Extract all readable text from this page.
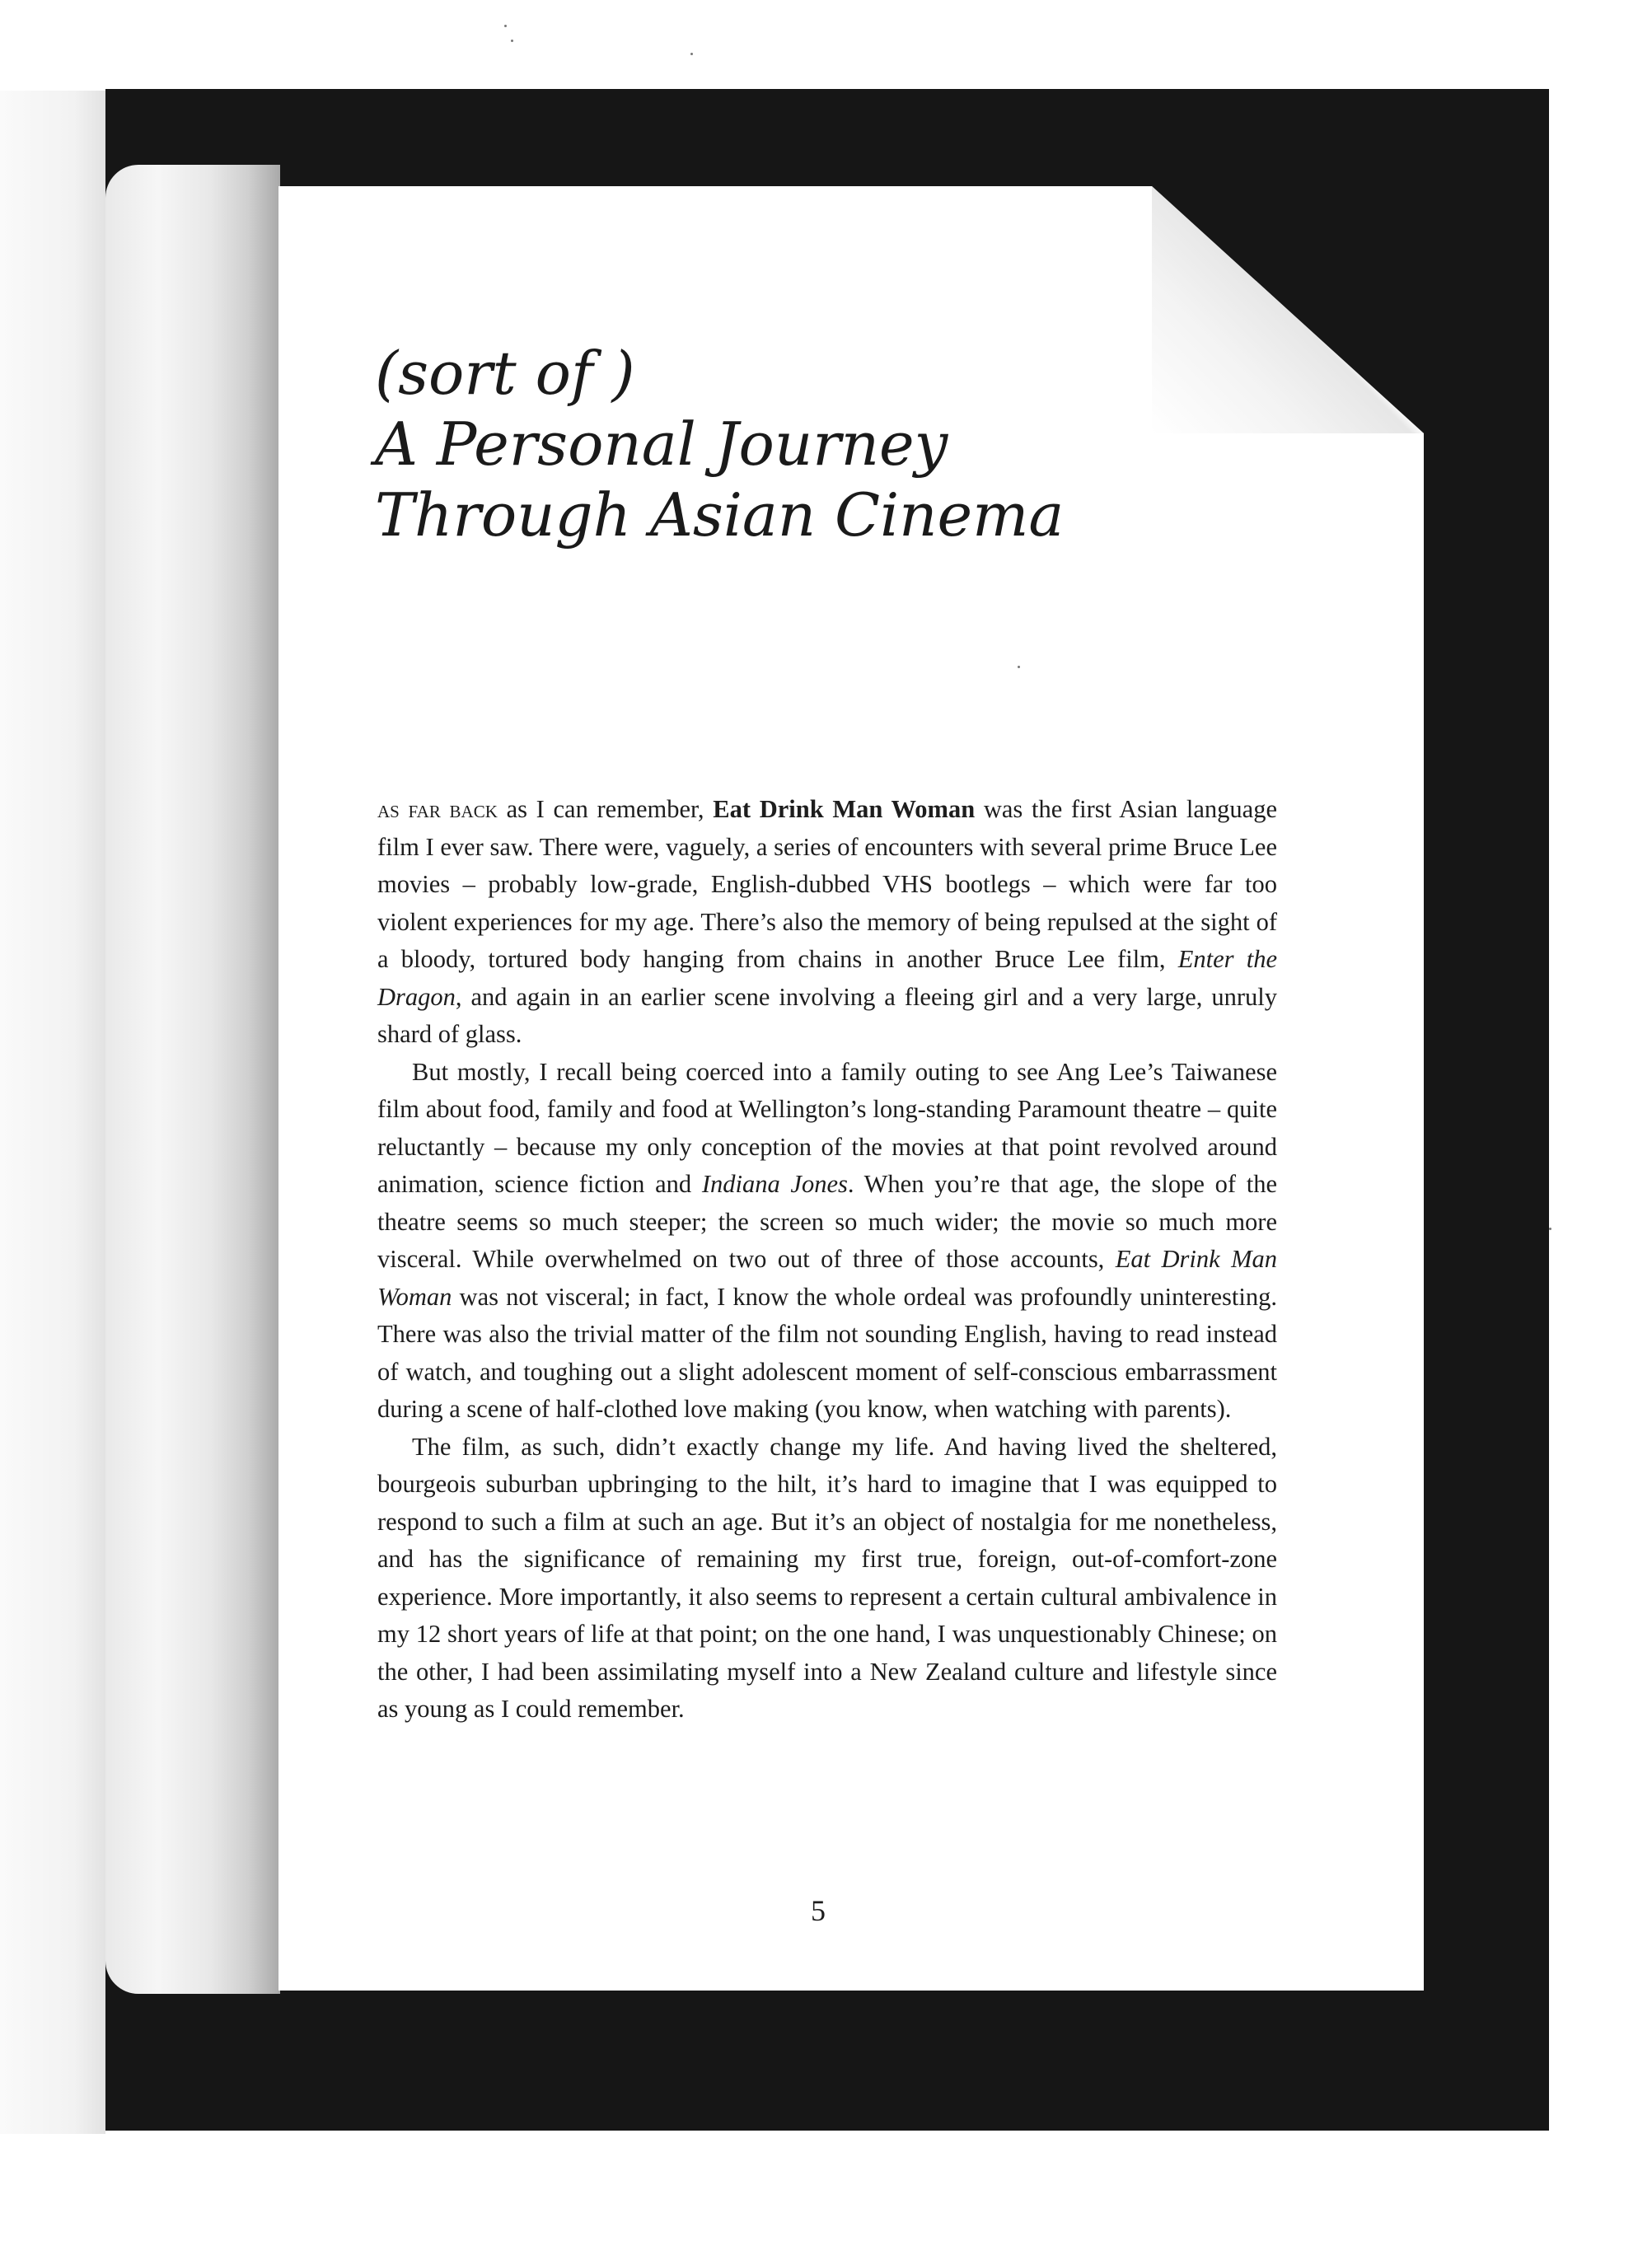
(sort of )
A Personal Journey
Through Asian Cinema

as far back as I can remember, Eat Drink Man Woman was the first Asian language film I ever saw. There were, vaguely, a series of encounters with several prime Bruce Lee movies – probably low-grade, English-dubbed VHS bootlegs – which were far too violent experiences for my age. There’s also the memory of being repulsed at the sight of a bloody, tortured body hanging from chains in another Bruce Lee film, Enter the Dragon, and again in an earlier scene involving a fleeing girl and a very large, unruly shard of glass.

But mostly, I recall being coerced into a family outing to see Ang Lee’s Taiwanese film about food, family and food at Wellington’s long-standing Paramount theatre – quite reluctantly – because my only conception of the movies at that point revolved around animation, science fiction and Indiana Jones. When you’re that age, the slope of the theatre seems so much steeper; the screen so much wider; the movie so much more visceral. While overwhelmed on two out of three of those accounts, Eat Drink Man Woman was not visceral; in fact, I know the whole ordeal was profoundly uninteresting. There was also the trivial matter of the film not sounding English, having to read instead of watch, and toughing out a slight adolescent moment of self-conscious embarrassment during a scene of half-clothed love making (you know, when watching with parents).

The film, as such, didn’t exactly change my life. And having lived the sheltered, bourgeois suburban upbringing to the hilt, it’s hard to imagine that I was equipped to respond to such a film at such an age. But it’s an object of nostalgia for me nonetheless, and has the significance of remaining my first true, foreign, out-of-comfort-zone experience. More importantly, it also seems to represent a certain cultural ambivalence in my 12 short years of life at that point; on the one hand, I was unquestionably Chinese; on the other, I had been assimilating myself into a New Zealand culture and lifestyle since as young as I could remember.

5
